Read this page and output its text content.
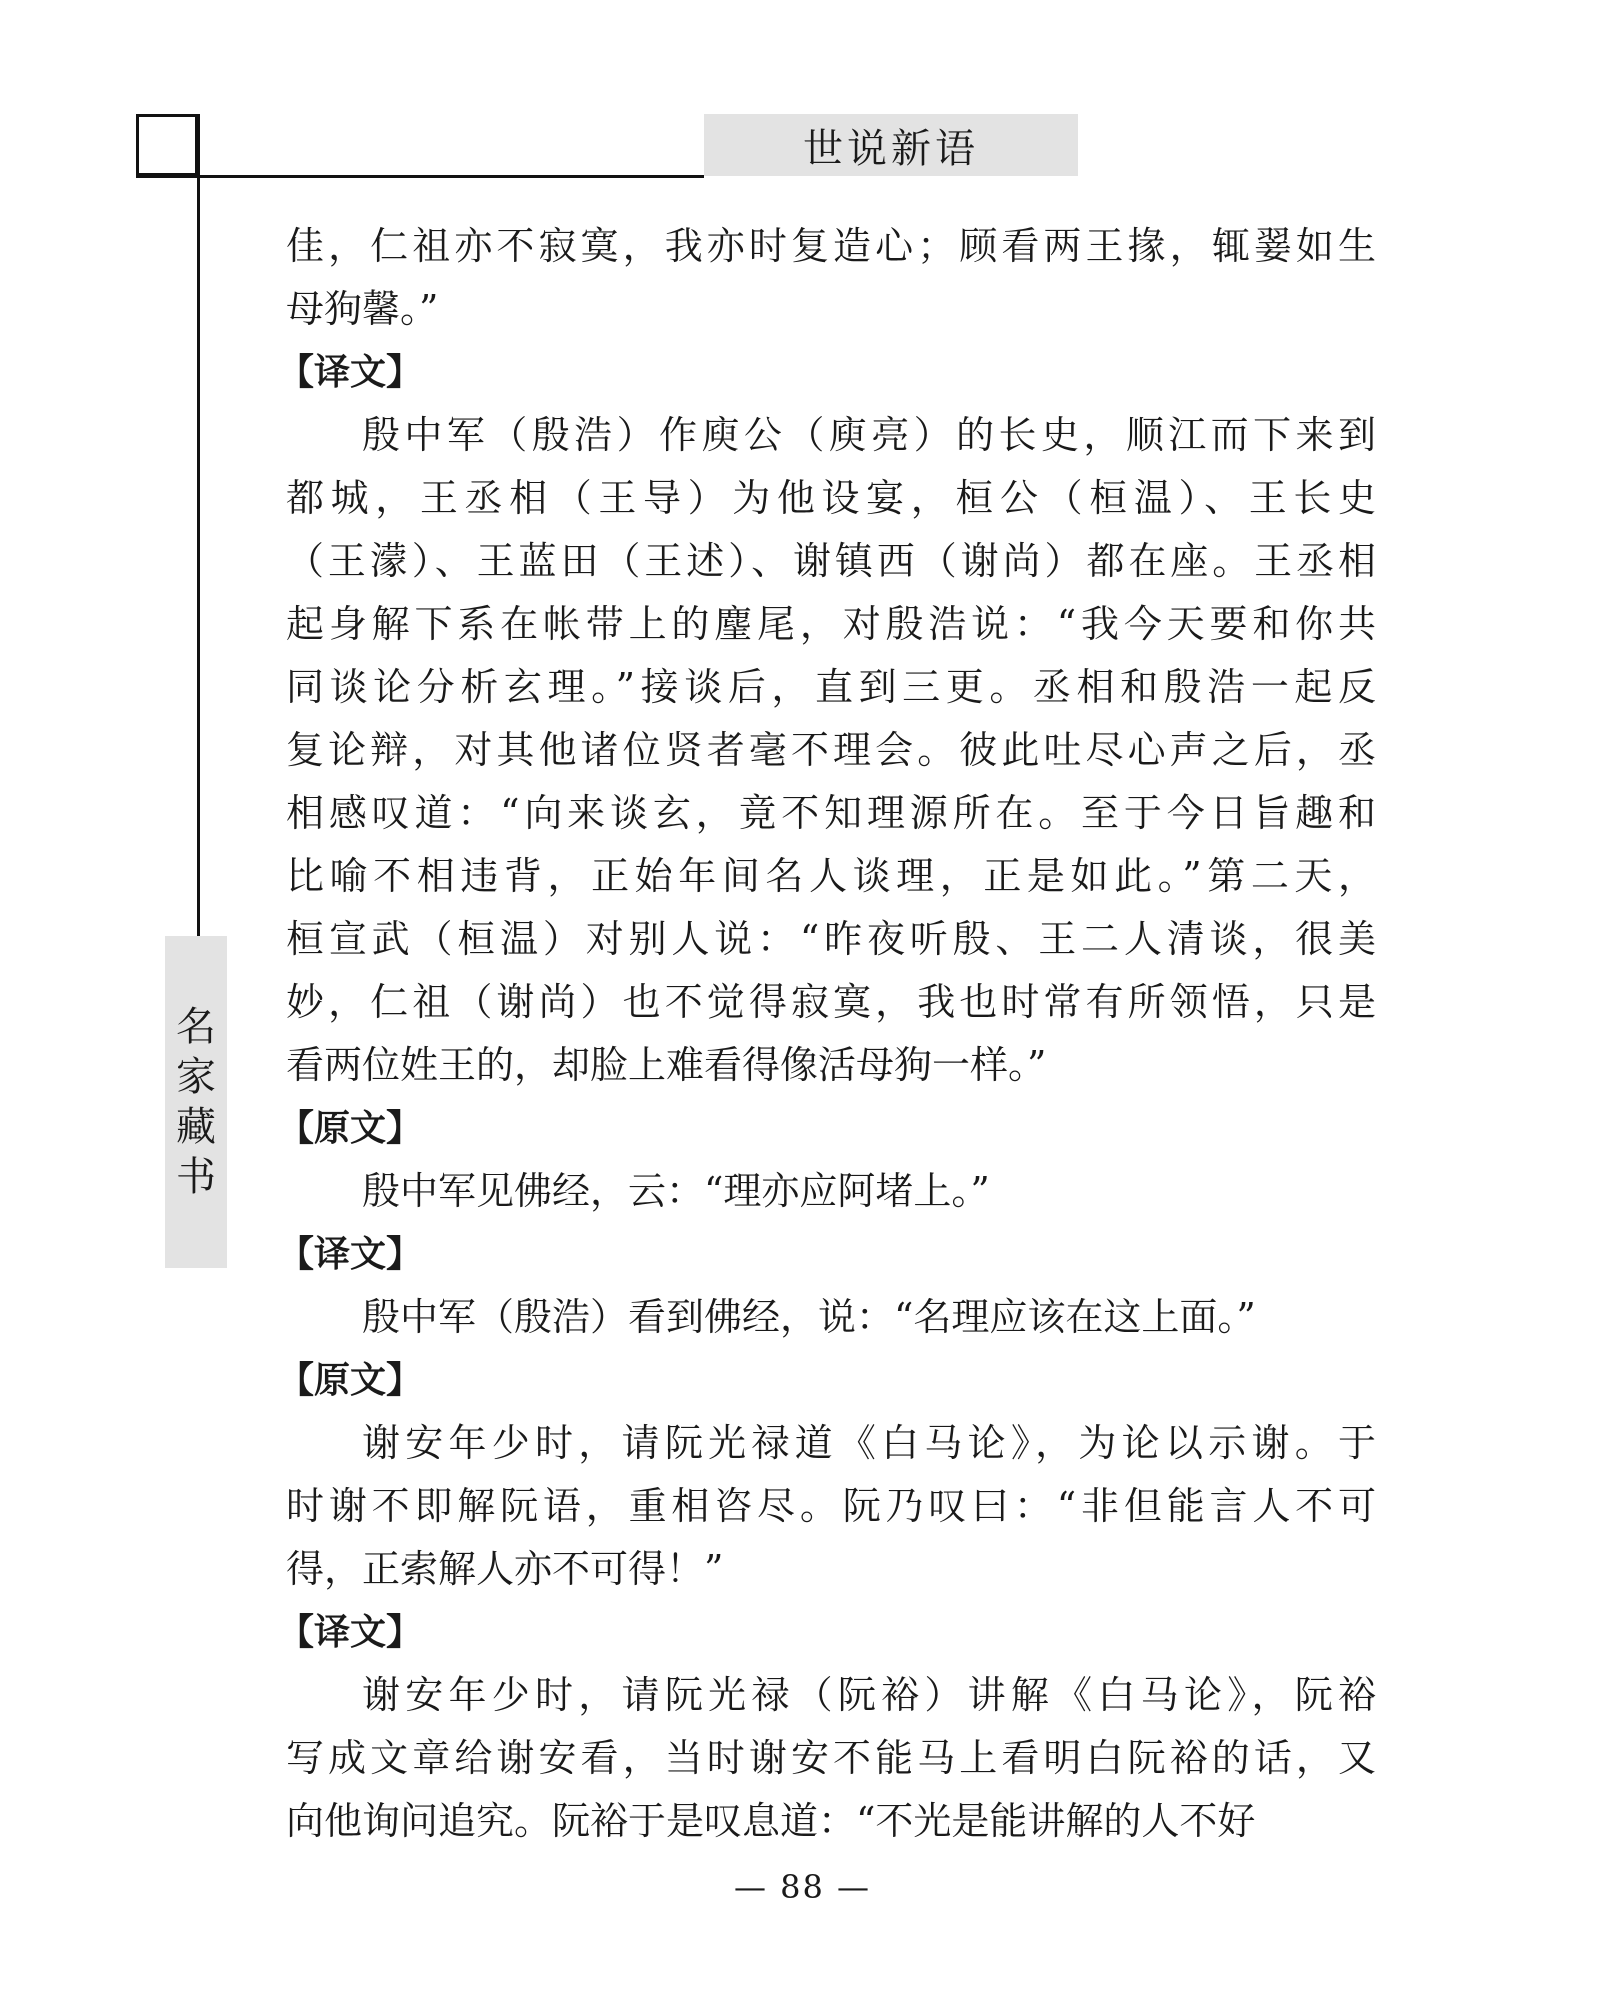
世说新语
名
家
藏
书

佳，仁祖亦不寂寞，我亦时复造心；顾看两王掾，辄翣如生

母狗馨。”

【译文】

殷中军（殷浩）作庾公（庾亮）的长史，顺江而下来到

都城，王丞相（王导）为他设宴，桓公（桓温）、王长史

（王濛）、王蓝田（王述）、谢镇西（谢尚）都在座。王丞相

起身解下系在帐带上的麈尾，对殷浩说：“我今天要和你共

同谈论分析玄理。”接谈后，直到三更。丞相和殷浩一起反

复论辩，对其他诸位贤者毫不理会。彼此吐尽心声之后，丞

相感叹道：“向来谈玄，竟不知理源所在。至于今日旨趣和

比喻不相违背，正始年间名人谈理，正是如此。”第二天，

桓宣武（桓温）对别人说：“昨夜听殷、王二人清谈，很美

妙，仁祖（谢尚）也不觉得寂寞，我也时常有所领悟，只是

看两位姓王的，却脸上难看得像活母狗一样。”

【原文】

殷中军见佛经，云：“理亦应阿堵上。”

【译文】

殷中军（殷浩）看到佛经，说：“名理应该在这上面。”

【原文】

谢安年少时，请阮光禄道《白马论》，为论以示谢。于

时谢不即解阮语，重相咨尽。阮乃叹曰：“非但能言人不可

得，正索解人亦不可得！”

【译文】

谢安年少时，请阮光禄（阮裕）讲解《白马论》，阮裕

写成文章给谢安看，当时谢安不能马上看明白阮裕的话，又

向他询问追究。阮裕于是叹息道：“不光是能讲解的人不好

— 88 —
